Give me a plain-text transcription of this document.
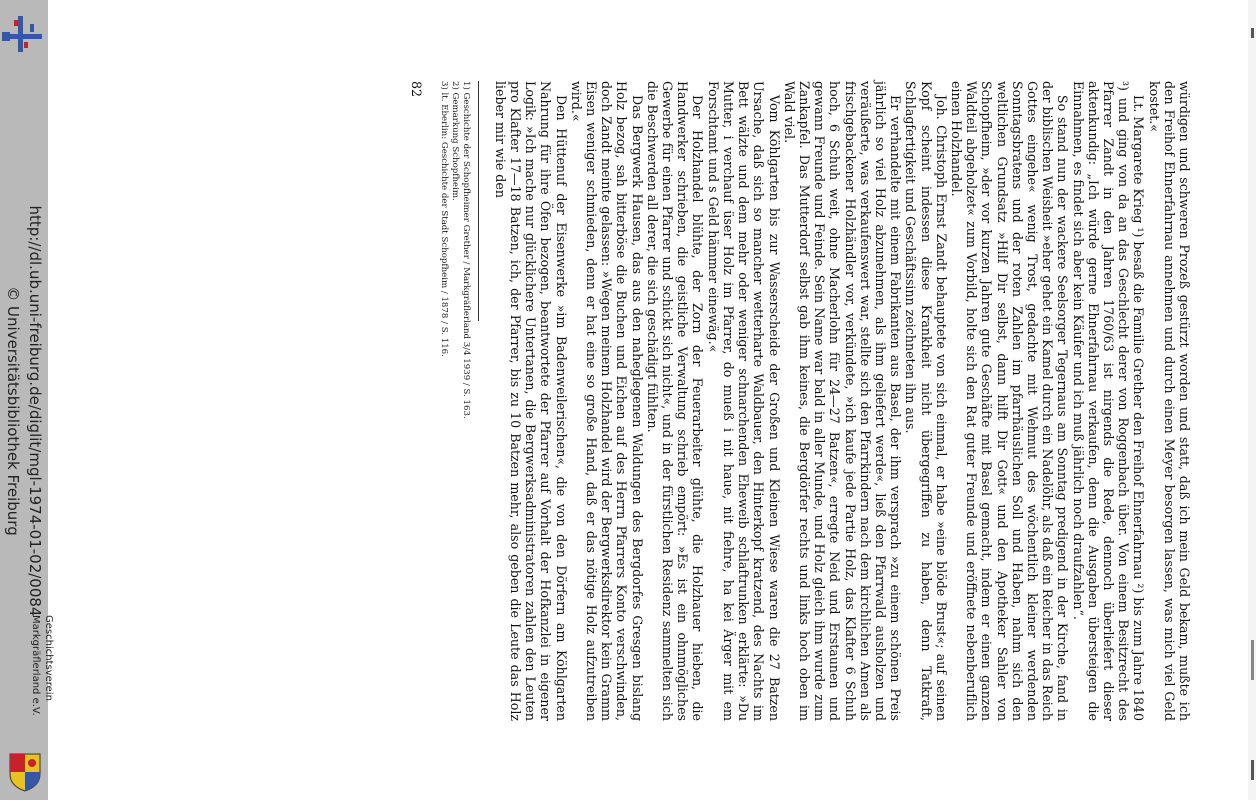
http://dl.ub.uni-freiburg.de/diglit/mgl-1974-01-02/0084
© Universitätsbibliothek Freiburg
Geschichtsverein
Markgräflerland e.V.	würdigen und schweren Prozeß gestürzt worden und statt, daß ich mein Geld bekam, mußte ich den Freihof Ehnerfahrnau annehmen und durch einen Meyer besorgen lassen, was mich viel Geld kostet.«

Lt. Margarete Krieg ¹) besaß die Familie Grether den Freihof Ehnerfahrnau ²) bis zum Jahre 1840 ³) und ging von da an das Geschlecht derer von Roggenbach über. Von einem Besitzrecht des Pfarrer Zandt in den Jahren 1760/63 ist nirgends die Rede, dennoch überliefert dieser aktenkundig: „Ich würde gerne Ehnerfahrnau verkaufen, denn die Ausgaben übersteigen die Einnahmen, es findet sich aber kein Käufer und ich muß jährlich noch draufzahlen“.

So stand nun der wackere Seelsorger Tegernaus am Sonntag predigend in der Kirche, fand in der biblischen Weisheit »eher gehet ein Kamel durch ein Nadelöhr, als daß ein Reicher in das Reich Gottes eingehe« wenig Trost, gedachte mit Wehmut des wöchentlich kleiner werdenden Sonntagsbratens und der roten Zahlen im pfarrhäuslichen Soll und Haben, nahm sich den weltlichen Grundsatz »Hilf Dir selbst, dann hilft Dir Gott« und den Apotheker Sahler von Schopfheim, »der vor kurzen Jahren gute Geschäfte mit Basel gemacht, indem er einen ganzen Waldteil abgeholzet« zum Vorbild, holte sich den Rat guter Freunde und eröffnete nebenberuflich einen Holzhandel.

Joh. Christoph Ernst Zandt behauptete von sich einmal, er habe »eine blöde Brust«; auf seinen Kopf scheint indessen diese Krankheit nicht übergegriffen zu haben, denn Tatkraft, Schlagfertigkeit und Geschäftssinn zeichneten ihn aus.

Er verhandelte mit einem Fabrikanten aus Basel, der ihm versprach »zu einem schönen Preis jährlich so viel Holz abzunehmen, als ihm geliefert werde«, ließ den Pfarrwald ausholzen und veräußerte, was verkaufenswert war, stellte sich den Pfarrkindern nach dem kirchlichen Amen als frischgebackener Holzhändler vor, verkündete, »ich kaufe jede Partie Holz, das Klafter 6 Schuh hoch, 6 Schuh weit, ohne Macherlohn für 24—27 Batzen«, erregte Neid und Erstaunen und gewann Freunde und Feinde. Sein Name war bald in aller Munde, und Holz gleich ihm wurde zum Zankapfel. Das Mutterdorf selbst gab ihm keines, die Bergdörfer rechts und links hoch oben im Wald viel.

Vom Köhlgarten bis zur Wasserscheide der Großen und Kleinen Wiese waren die 27 Batzen Ursache, daß sich so mancher wetterharte Waldbauer, den Hinterkopf kratzend, des Nachts im Bett wälzte und dem mehr oder weniger schnarchenden Eheweib schlaftrunken erklärte: »Du Mutter, i verchauf üser Holz im Pfarrer, do mueß i nit haue, nit fiehre, ha kei Ärger mit em Forschtamt und s Geld hämmer einewäg.«

Der Holzhandel blühte, der Zorn der Feuerarbeiter glühte, die Holzhauer hieben, die Handwerker schrieben, die geistliche Verwaltung schrieb empört: »Es ist ein ohnmögliches Gewerbe für einen Pfarrer und schickt sich nicht«, und in der fürstlichen Residenz sammelten sich die Beschwerden all derer, die sich geschädigt fühlten.

Das Bergwerk Hausen, das aus den naheglegenen Waldungen des Bergdorfes Gresgen bislang Holz bezog, sah bitterböse die Buchen und Eichen auf des Herrn Pfarrers Konto verschwinden, doch Zandt meinte gelassen: »Wegen meinem Holzhandel wird der Bergwerksdirektor kein Gramm Eisen weniger schmieden, denn er hat eine so große Hand, daß er das nötige Holz aufzutreiben wird.«

Den Hüttenuf der Eisenwerke »im Badenweilerischen«, die von den Dörfern am Köhlgarten Nahrung für ihre Öfen bezogen, beantwortete der Pfarrer auf Vorhalt der Hofkanzlei in eigener Logik: »Ich mache nur glücklichere Untertanen, die Bergwerksadministratoren zahlen den Leuten pro Klafter 17—18 Batzen, ich, der Pfarrer, bis zu 10 Batzen mehr, also geben die Leute das Holz lieber mir wie den

1) Geschichte der Schopfheimer Grether / Markgräflerland 3/4 1939 / S. 163.
2) Gemarkung Schopfheim.
3) lt. Eberlin: Geschichte der Stadt Schopfheim / 1878 / S. 116.
82
